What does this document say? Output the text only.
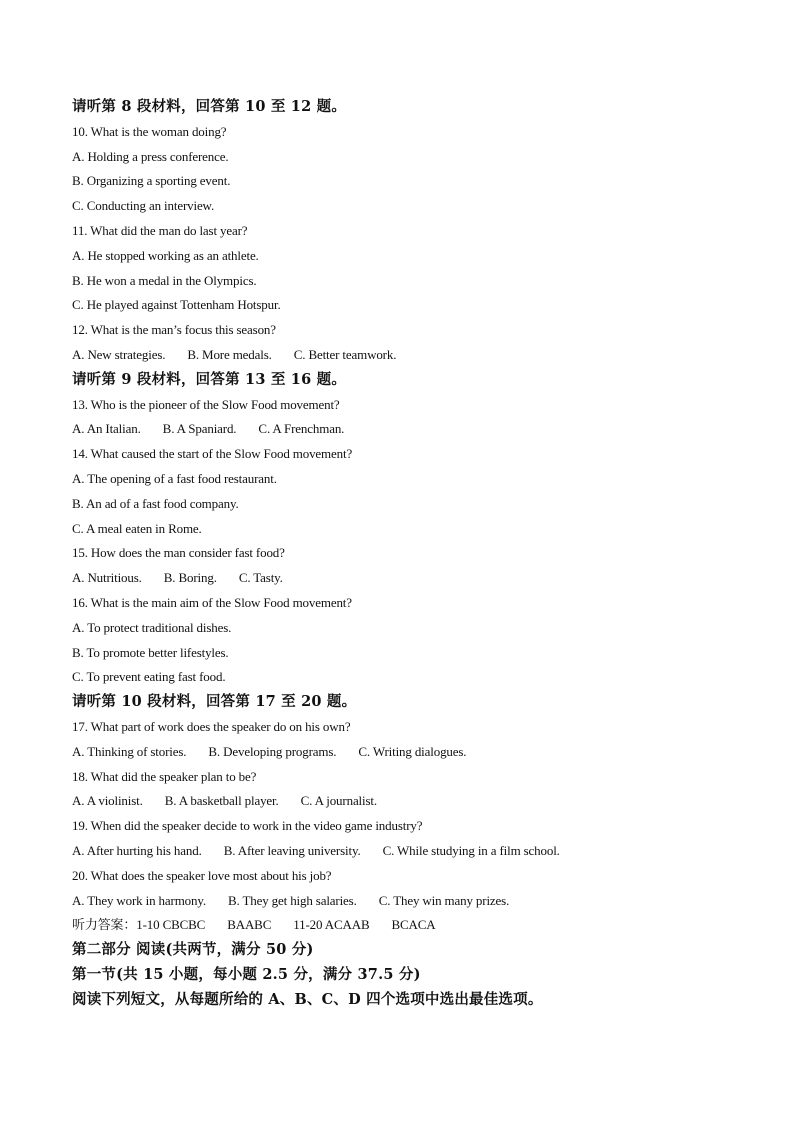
请听第 8 段材料，回答第 10 至 12 题。
10. What is the woman doing?
A. Holding a press conference.
B. Organizing a sporting event.
C. Conducting an interview.
11. What did the man do last year?
A. He stopped working as an athlete.
B. He won a medal in the Olympics.
C. He played against Tottenham Hotspur.
12. What is the man’s focus this season?
A. New strategies. B. More medals. C. Better teamwork.
请听第 9 段材料，回答第 13 至 16 题。
13. Who is the pioneer of the Slow Food movement?
A. An Italian. B. A Spaniard. C. A Frenchman.
14. What caused the start of the Slow Food movement?
A. The opening of a fast food restaurant.
B. An ad of a fast food company.
C. A meal eaten in Rome.
15. How does the man consider fast food?
A. Nutritious. B. Boring. C. Tasty.
16. What is the main aim of the Slow Food movement?
A. To protect traditional dishes.
B. To promote better lifestyles.
C. To prevent eating fast food.
请听第 10 段材料，回答第 17 至 20 题。
17. What part of work does the speaker do on his own?
A. Thinking of stories. B. Developing programs. C. Writing dialogues.
18. What did the speaker plan to be?
A. A violinist. B. A basketball player. C. A journalist.
19. When did the speaker decide to work in the video game industry?
A. After hurting his hand. B. After leaving university. C. While studying in a film school.
20. What does the speaker love most about his job?
A. They work in harmony. B. They get high salaries. C. They win many prizes.
听力答案：1-10 CBCBC BAABC 11-20 ACAAB BCACA
第二部分 阅读(共两节，满分 50 分)
第一节(共 15 小题，每小题 2.5 分，满分 37.5 分)
阅读下列短文，从每题所给的 A、B、C、D 四个选项中选出最佳选项。
